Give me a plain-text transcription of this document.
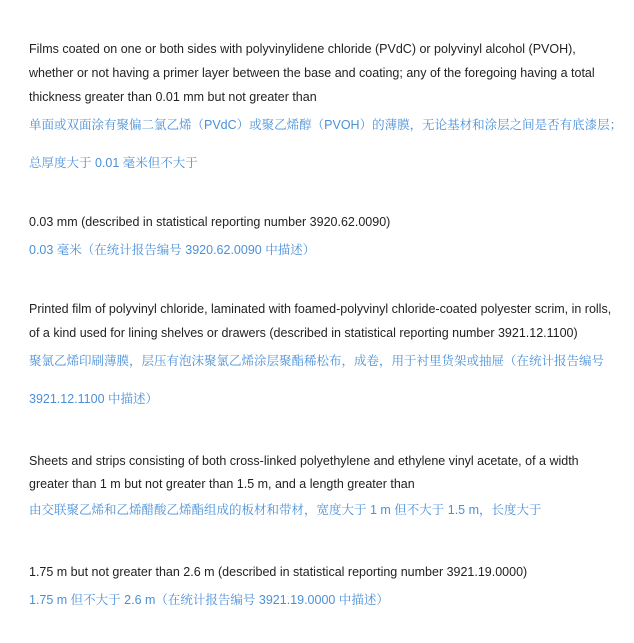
Films coated on one or both sides with polyvinylidene chloride (PVdC) or polyvinyl alcohol (PVOH),
whether or not having a primer layer between the base and coating; any of the foregoing having a total
thickness greater than 0.01 mm but not greater than
单面或双面涂有聚偏二氯乙烯（PVdC）或聚乙烯醇（PVOH）的薄膜，无论基材和涂层之间是否有底漆层；
总厚度大于 0.01 毫米但不大于
0.03 mm (described in statistical reporting number 3920.62.0090)
0.03 毫米（在统计报告编号 3920.62.0090 中描述）
Printed film of polyvinyl chloride, laminated with foamed-polyvinyl chloride-coated polyester scrim, in rolls,
of a kind used for lining shelves or drawers (described in statistical reporting number 3921.12.1100)
聚氯乙烯印刷薄膜，层压有泡沫聚氯乙烯涂层聚酯稀松布，成卷，用于衬里货架或抽屉（在统计报告编号
3921.12.1100 中描述）
Sheets and strips consisting of both cross-linked polyethylene and ethylene vinyl acetate, of a width
greater than 1 m but not greater than 1.5 m, and a length greater than
由交联聚乙烯和乙烯醋酸乙烯酯组成的板材和带材，宽度大于 1 m 但不大于 1.5 m，长度大于
1.75 m but not greater than 2.6 m (described in statistical reporting number 3921.19.0000)
1.75 m 但不大于 2.6 m（在统计报告编号 3921.19.0000 中描述）
